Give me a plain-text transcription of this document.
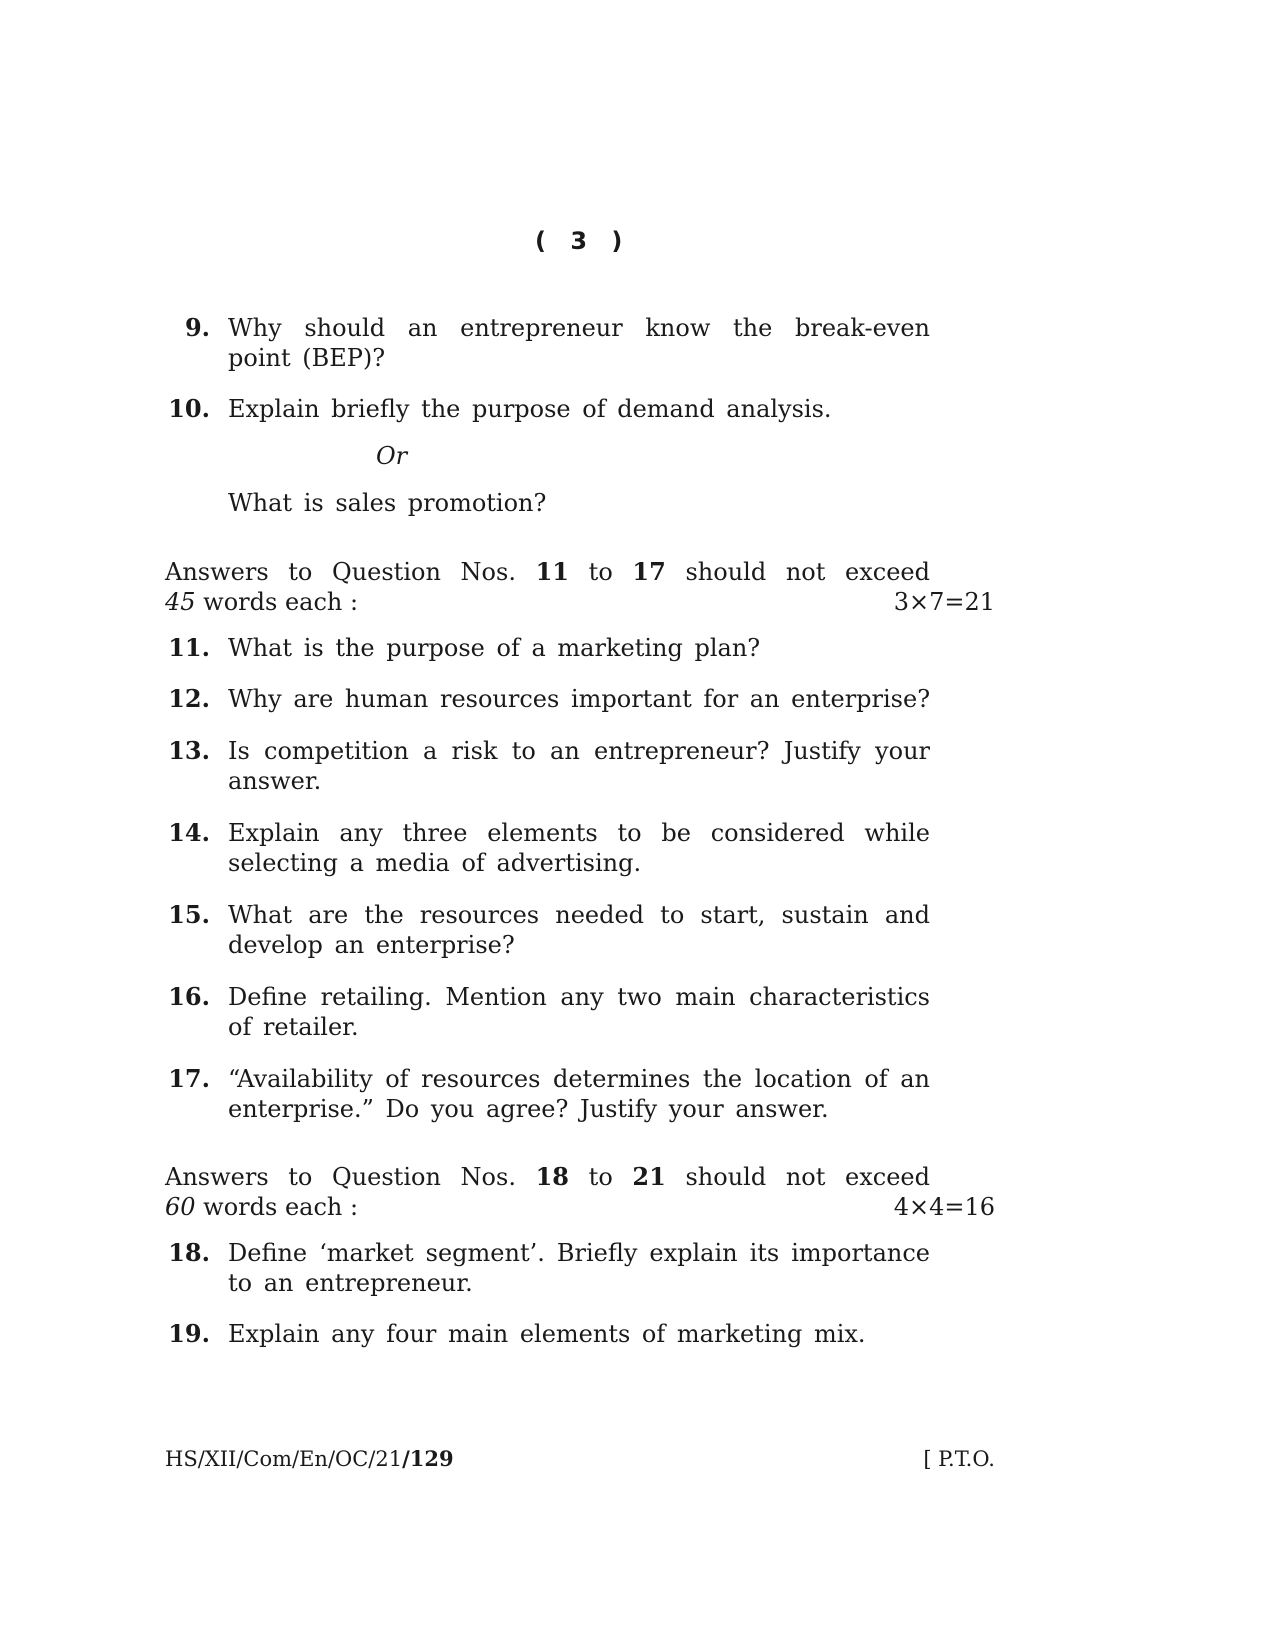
( 3 )
9. Why should an entrepreneur know the break-even point (BEP)?
10. Explain briefly the purpose of demand analysis.
Or
What is sales promotion?
Answers to Question Nos. 11 to 17 should not exceed
45 words each :	3×7=21
11. What is the purpose of a marketing plan?
12. Why are human resources important for an enterprise?
13. Is competition a risk to an entrepreneur? Justify your answer.
14. Explain any three elements to be considered while selecting a media of advertising.
15. What are the resources needed to start, sustain and develop an enterprise?
16. Define retailing. Mention any two main characteristics of retailer.
17. “Availability of resources determines the location of an enterprise.” Do you agree? Justify your answer.
Answers to Question Nos. 18 to 21 should not exceed
60 words each :	4×4=16
18. Define ‘market segment’. Briefly explain its importance to an entrepreneur.
19. Explain any four main elements of marketing mix.
HS/XII/Com/En/OC/21/129	[ P.T.O.
